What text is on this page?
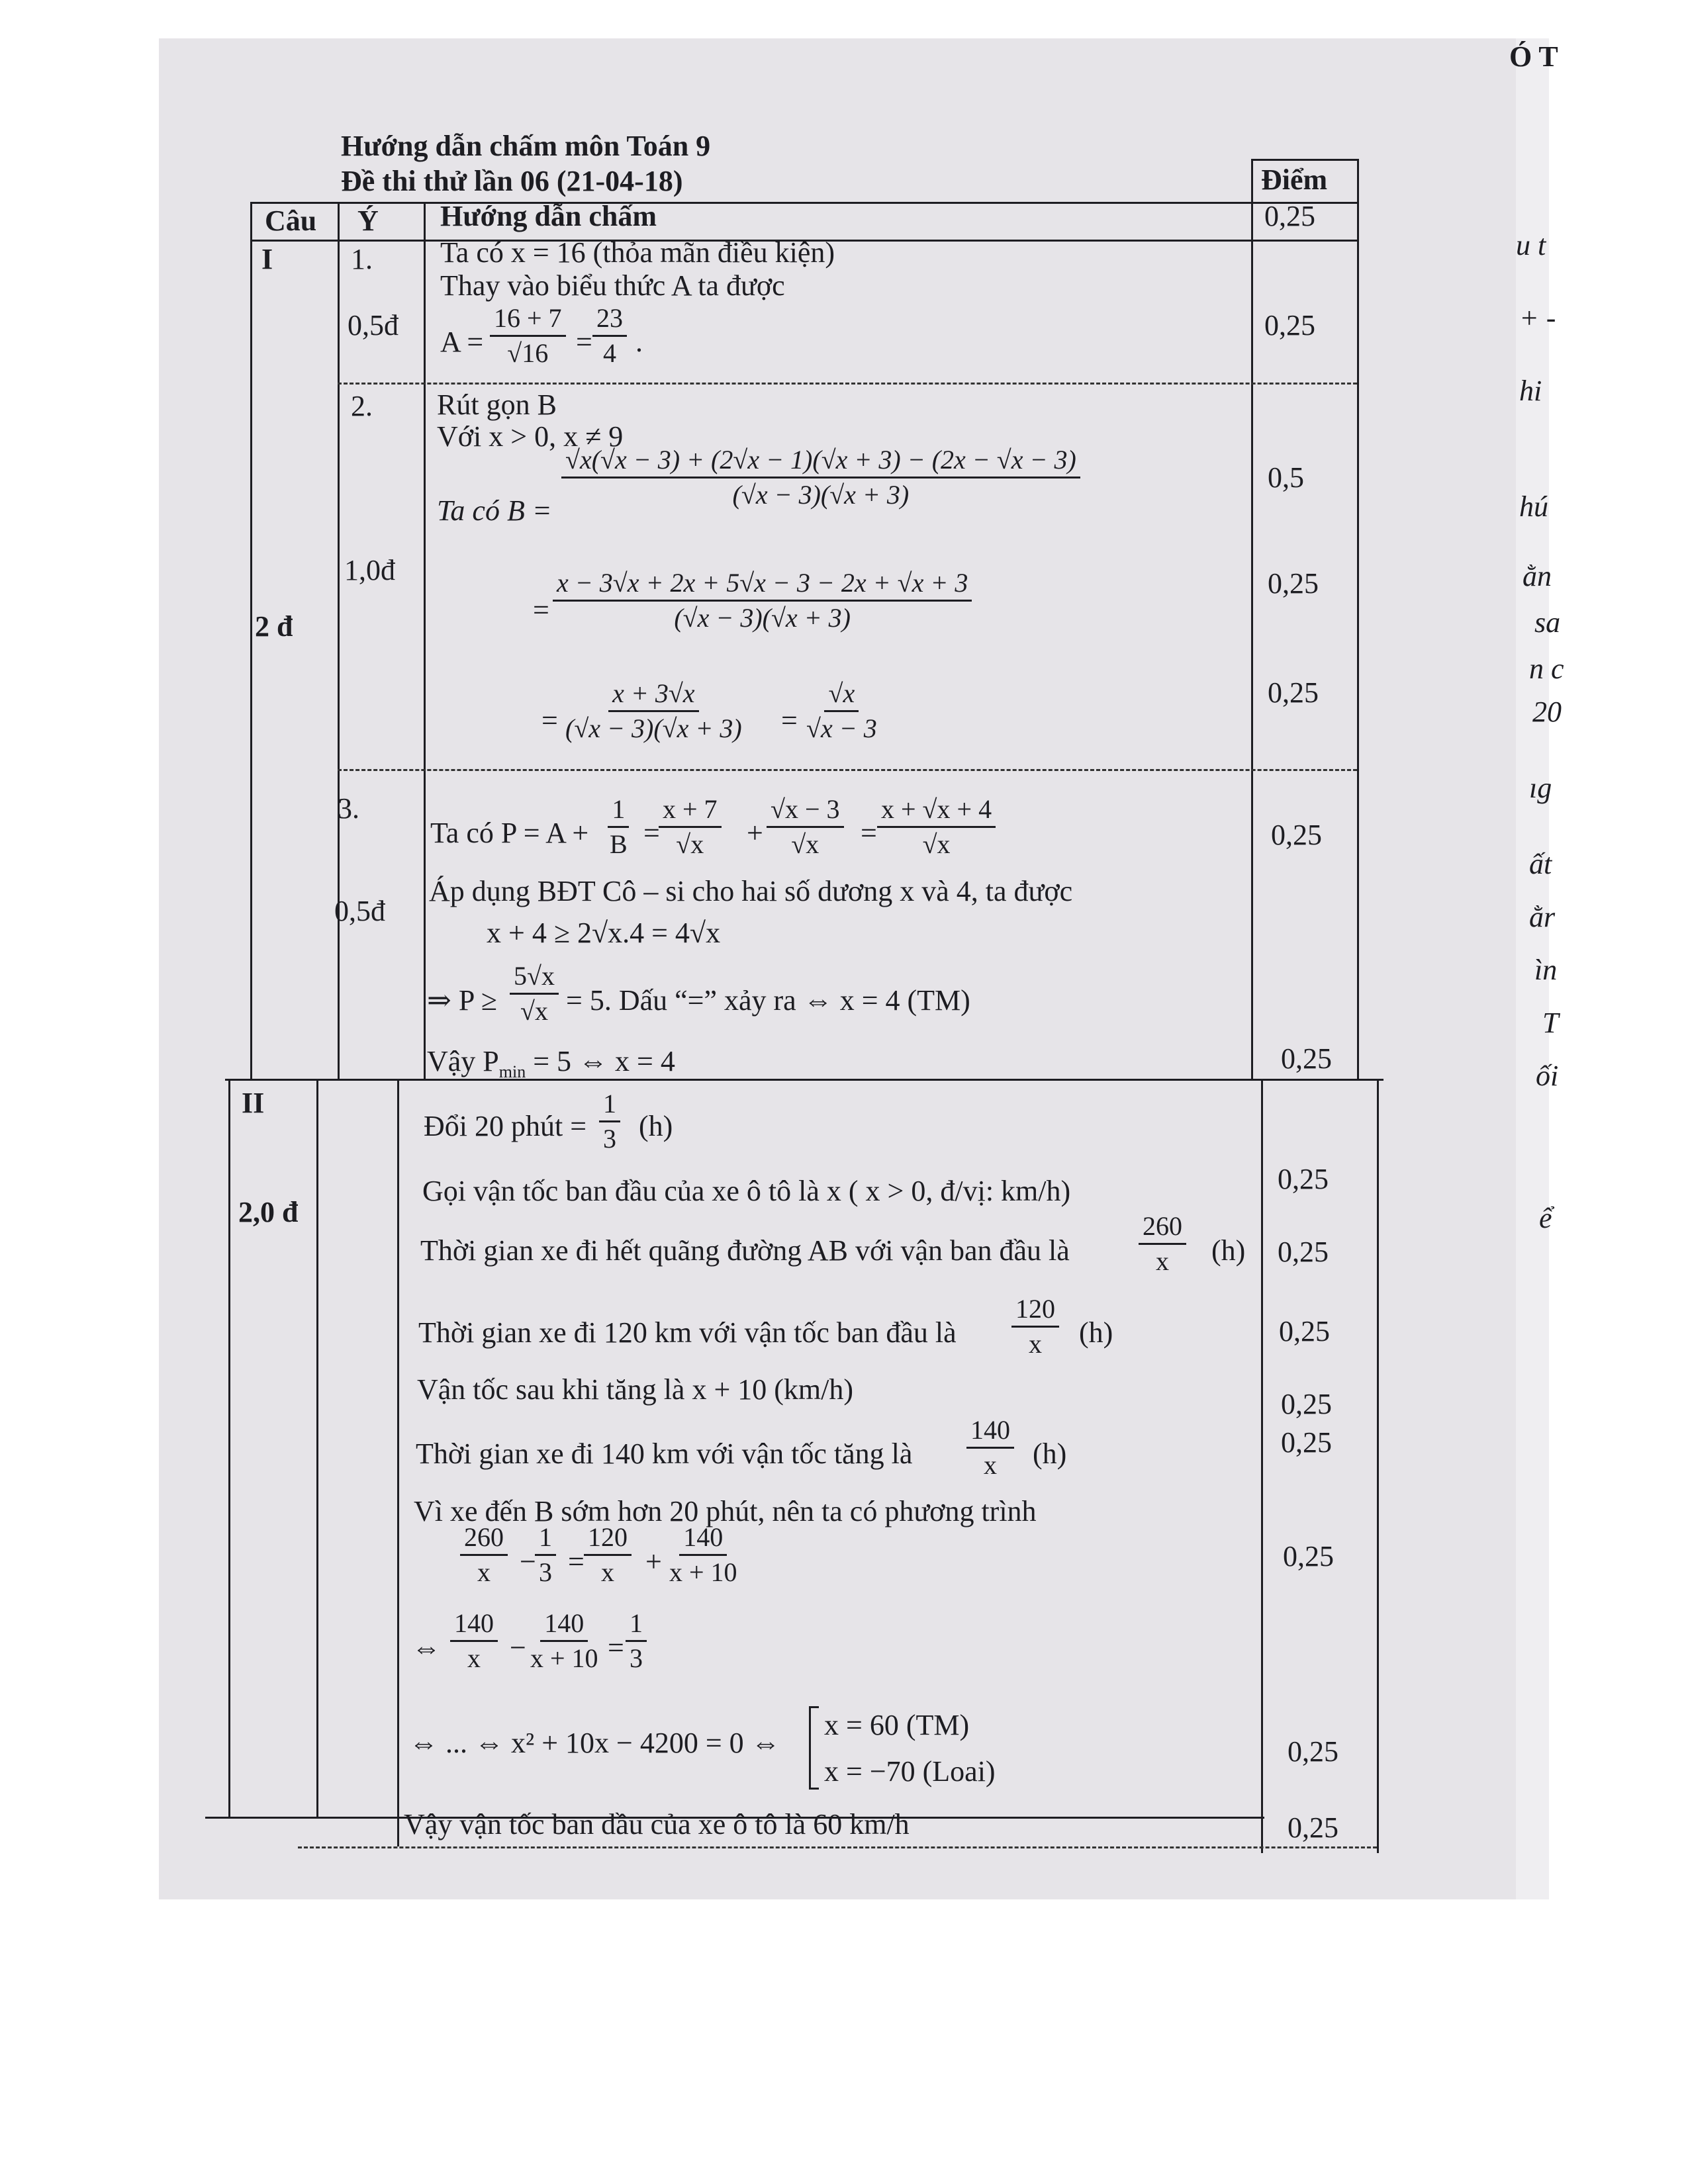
Ó T
u t
+ -
hi
hú
ằn
sa
n c
20
ıg
ất
ằr
ìn
T
ối
ể
Hướng dẫn chấm môn Toán 9
Đề thi thử lần 06 (21-04-18)
Câu Ý Hướng dẫn chấm
Điểm
I
2 đ
1.
0,5đ
Ta có x = 16 (thỏa mãn điều kiện)
Thay vào biểu thức A ta được
$A = \frac{16 + 7}{√16} = \frac{23}{4}$ .
0,25
0,25
2.
1,0đ
Rút gọn B
Với x > 0, x ≠ 9
Ta có B =
$\frac{√x(√x - 3) + (2√x - 1)(√x + 3) - (2x - √x - 3)}{(√x - 3)(√x + 3)}$
= $\frac{x - 3√x + 2x + 5√x - 3 - 2x + √x + 3}{(√x - 3)(√x + 3)}$
= $\frac{x + 3√x}{(√x - 3)(√x + 3)} = \frac{√x}{√x - 3}$
0,5
0,25
0,25
3.
0,5đ
Ta có $P = A + \frac{1}{B}$ =
$\frac{x + 7}{√x} + \frac{√x - 3}{√x} = \frac{x + √x + 4}{√x}$
Áp dụng BĐT Cô – si cho hai số dương x và 4, ta được
x + 4 ≥ 2√x.4 = 4√x
⇒ $P \ge \frac{5√x}{√x} = 5$. Dấu “=” xảy ra ⇔ x = 4 (TM)
Vậy $P_{min} = 5$ ⇔ x = 4
0,25
0,25
II
2,0 đ
Đổi 20 phút = $\frac{1}{3} (h)$
Gọi vận tốc ban đầu của xe ô tô là x ( x > 0, đ/vị: km/h)
Thời gian xe đi hết quãng đường AB với vận ban đầu là	$\frac{260}{x} (h)$
Thời gian xe đi 120 km với vận tốc ban đầu là $\frac{120}{x} (h)$
Vận tốc sau khi tăng là x + 10 (km/h)
Thời gian xe đi 140 km với vận tốc tăng là $\frac{140}{x} (h)$
Vì xe đến B sớm hơn 20 phút, nên ta có phương trình
$\frac{260}{x}$ −
$\frac{1}{3} = \frac{120}{x} + \frac{140}{x + 10}$
⇔ $\frac{140}{x} - \frac{140}{x + 10} = \frac{1}{3}$
⇔ ... ⇔ x² + 10x − 4200 = 0 ⇔
x = 60 (TM)
x = −70 (Loai)
Vậy vận tốc ban đầu của xe ô tô là 60 km/h
0,25
0,25
0,25
0,25
0,25
0,25
0,25
0,25
